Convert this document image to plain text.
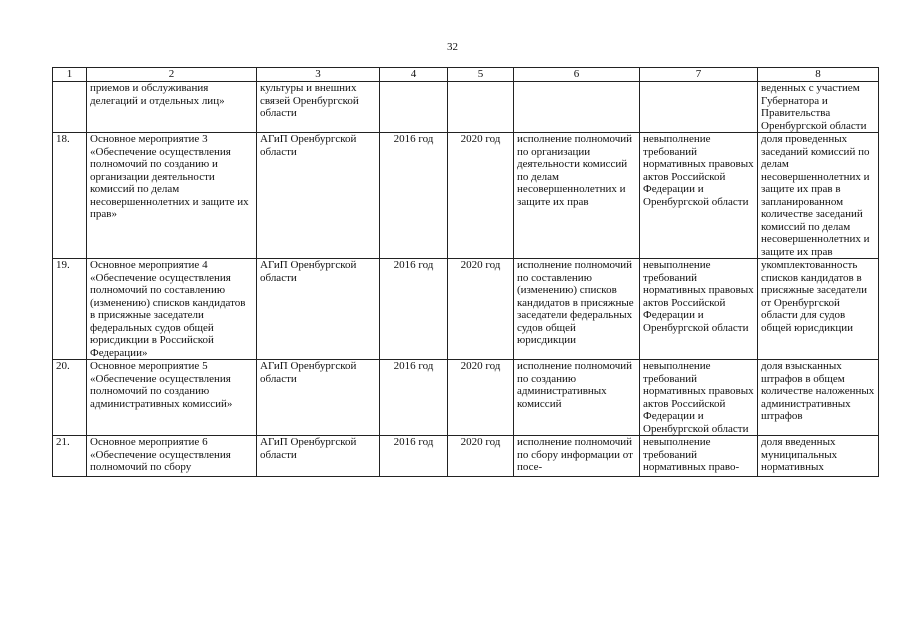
32
1	2	3	4	5	6	7	8
	приемов и обслуживания делегаций и отдельных лиц»	культуры и внешних связей Оренбургской области					веденных с участием Губернатора и Правительства Оренбургской области
18.	Основное мероприятие 3 «Обеспечение осуществления полномочий по созданию и организации деятельности комиссий по делам несовершеннолетних и защите их прав»	АГиП Оренбургской области	2016 год	2020 год	исполнение полномочий по организации деятельности комиссий по делам несовершеннолетних и защите их прав	невыполнение требований нормативных правовых актов Российской Федерации и Оренбургской области	доля проведенных заседаний комиссий по делам несовершеннолетних и защите их прав в запланированном количестве заседаний комиссий по делам несовершеннолетних и защите их прав
19.	Основное мероприятие 4 «Обеспечение осуществления полномочий по составлению (изменению) списков кандидатов в присяжные заседатели федеральных судов общей юрисдикции в Российской Федерации»	АГиП Оренбургской области	2016 год	2020 год	исполнение полномочий по составлению (изменению) списков кандидатов в присяжные заседатели федеральных судов общей юрисдикции	невыполнение требований нормативных правовых актов Российской Федерации и Оренбургской области	укомплектованность списков кандидатов в присяжные заседатели от Оренбургской области для судов общей юрисдикции
20.	Основное мероприятие 5 «Обеспечение осуществления полномочий по созданию административных комиссий»	АГиП Оренбургской области	2016 год	2020 год	исполнение полномочий по созданию административных комиссий	невыполнение требований нормативных правовых актов Российской Федерации и Оренбургской области	доля взысканных штрафов в общем количестве наложенных административных штрафов
21.	Основное мероприятие 6 «Обеспечение осуществления полномочий по сбору	АГиП Оренбургской области	2016 год	2020 год	исполнение полномочий по сбору информации от посе-	невыполнение требований нормативных право-	доля введенных муниципальных нормативных
